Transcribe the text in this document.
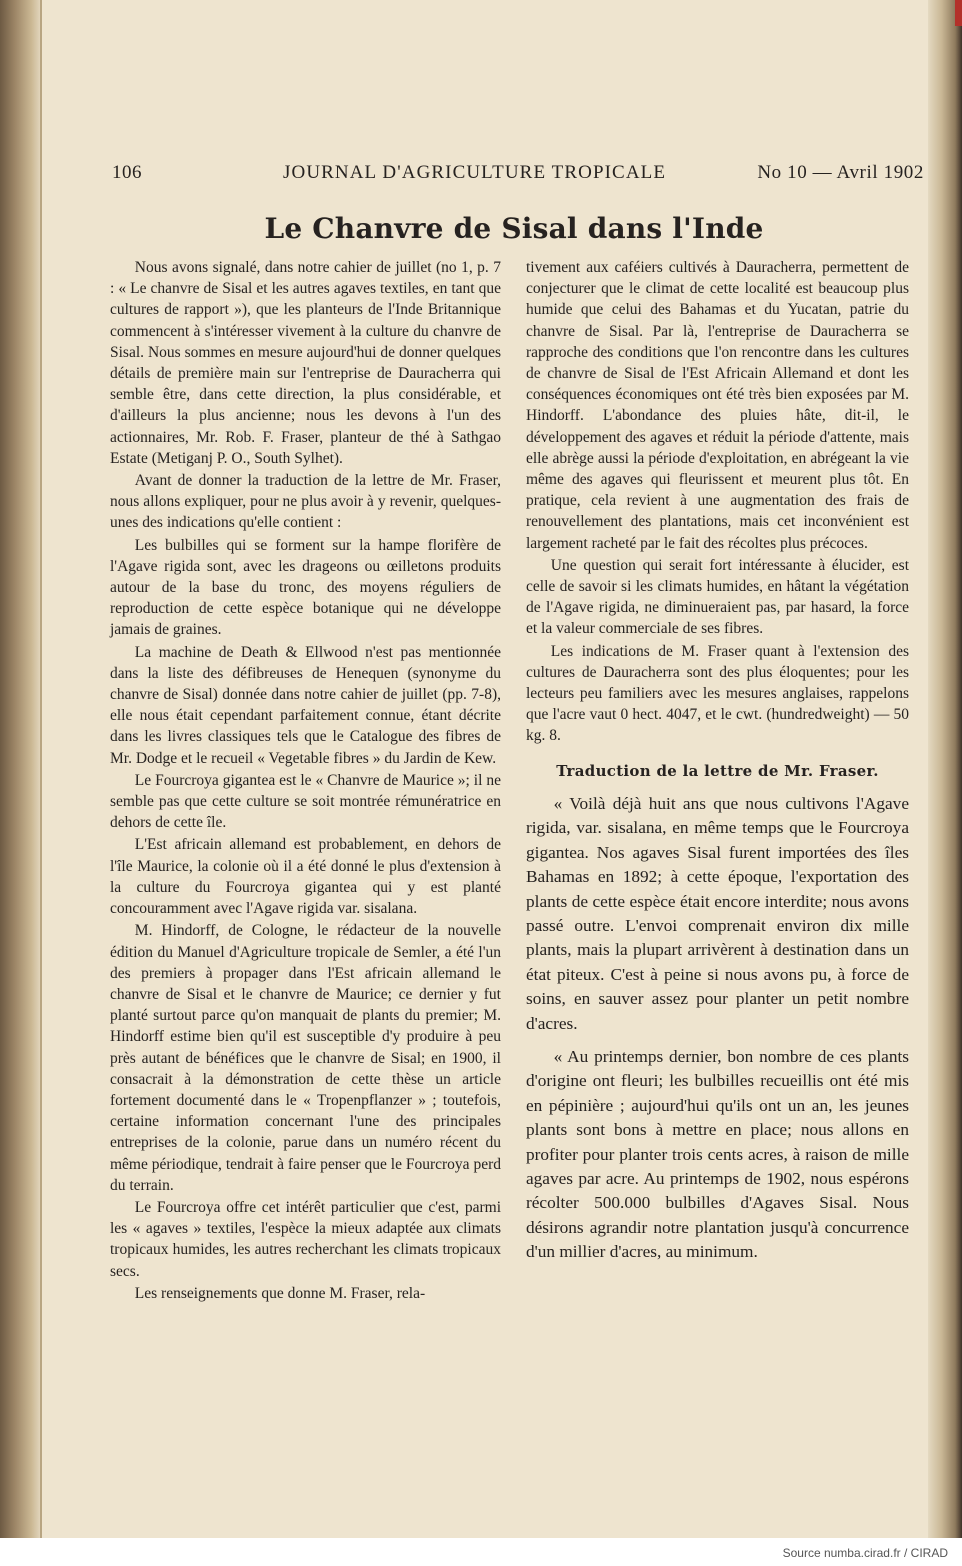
106	JOURNAL D'AGRICULTURE TROPICALE	No 10 — Avril 1902
Le Chanvre de Sisal dans l'Inde

Nous avons signalé, dans notre cahier de juillet (no 1, p. 7 : « Le chanvre de Sisal et les autres agaves textiles, en tant que cultures de rapport »), que les planteurs de l'Inde Britannique commencent à s'intéresser vivement à la culture du chanvre de Sisal. Nous sommes en mesure aujourd'hui de donner quelques détails de première main sur l'entreprise de Dauracherra qui semble être, dans cette direction, la plus considérable, et d'ailleurs la plus ancienne; nous les devons à l'un des actionnaires, Mr. Rob. F. Fraser, planteur de thé à Sathgao Estate (Metiganj P. O., South Sylhet).

Avant de donner la traduction de la lettre de Mr. Fraser, nous allons expliquer, pour ne plus avoir à y revenir, quelques-unes des indications qu'elle contient :

Les bulbilles qui se forment sur la hampe florifère de l'Agave rigida sont, avec les drageons ou œilletons produits autour de la base du tronc, des moyens réguliers de reproduction de cette espèce botanique qui ne développe jamais de graines.

La machine de Death & Ellwood n'est pas mentionnée dans la liste des défibreuses de Henequen (synonyme du chanvre de Sisal) donnée dans notre cahier de juillet (pp. 7-8), elle nous était cependant parfaitement connue, étant décrite dans les livres classiques tels que le Catalogue des fibres de Mr. Dodge et le recueil « Vegetable fibres » du Jardin de Kew.

Le Fourcroya gigantea est le « Chanvre de Maurice »; il ne semble pas que cette culture se soit montrée rémunératrice en dehors de cette île.

L'Est africain allemand est probablement, en dehors de l'île Maurice, la colonie où il a été donné le plus d'extension à la culture du Fourcroya gigantea qui y est planté concouramment avec l'Agave rigida var. sisalana.

M. Hindorff, de Cologne, le rédacteur de la nouvelle édition du Manuel d'Agriculture tropicale de Semler, a été l'un des premiers à propager dans l'Est africain allemand le chanvre de Sisal et le chanvre de Maurice; ce dernier y fut planté surtout parce qu'on manquait de plants du premier; M. Hindorff estime bien qu'il est susceptible d'y produire à peu près autant de bénéfices que le chanvre de Sisal; en 1900, il consacrait à la démonstration de cette thèse un article fortement documenté dans le « Tropenpflanzer » ; toutefois, certaine information concernant l'une des principales entreprises de la colonie, parue dans un numéro récent du même périodique, tendrait à faire penser que le Fourcroya perd du terrain.

Le Fourcroya offre cet intérêt particulier que c'est, parmi les « agaves » textiles, l'espèce la mieux adaptée aux climats tropicaux humides, les autres recherchant les climats tropicaux secs.

Les renseignements que donne M. Fraser, rela-

tivement aux caféiers cultivés à Dauracherra, permettent de conjecturer que le climat de cette localité est beaucoup plus humide que celui des Bahamas et du Yucatan, patrie du chanvre de Sisal. Par là, l'entreprise de Dauracherra se rapproche des conditions que l'on rencontre dans les cultures de chanvre de Sisal de l'Est Africain Allemand et dont les conséquences économiques ont été très bien exposées par M. Hindorff. L'abondance des pluies hâte, dit-il, le développement des agaves et réduit la période d'attente, mais elle abrège aussi la période d'exploitation, en abrégeant la vie même des agaves qui fleurissent et meurent plus tôt. En pratique, cela revient à une augmentation des frais de renouvellement des plantations, mais cet inconvénient est largement racheté par le fait des récoltes plus précoces.

Une question qui serait fort intéressante à élucider, est celle de savoir si les climats humides, en hâtant la végétation de l'Agave rigida, ne diminueraient pas, par hasard, la force et la valeur commerciale de ses fibres.

Les indications de M. Fraser quant à l'extension des cultures de Dauracherra sont des plus éloquentes; pour les lecteurs peu familiers avec les mesures anglaises, rappelons que l'acre vaut 0 hect. 4047, et le cwt. (hundredweight) — 50 kg. 8.

Traduction de la lettre de Mr. Fraser.

« Voilà déjà huit ans que nous cultivons l'Agave rigida, var. sisalana, en même temps que le Fourcroya gigantea. Nos agaves Sisal furent importées des îles Bahamas en 1892; à cette époque, l'exportation des plants de cette espèce était encore interdite; nous avons passé outre. L'envoi comprenait environ dix mille plants, mais la plupart arrivèrent à destination dans un état piteux. C'est à peine si nous avons pu, à force de soins, en sauver assez pour planter un petit nombre d'acres.

« Au printemps dernier, bon nombre de ces plants d'origine ont fleuri; les bulbilles recueillis ont été mis en pépinière ; aujourd'hui qu'ils ont un an, les jeunes plants sont bons à mettre en place; nous allons en profiter pour planter trois cents acres, à raison de mille agaves par acre. Au printemps de 1902, nous espérons récolter 500.000 bulbilles d'Agaves Sisal. Nous désirons agrandir notre plantation jusqu'à concurrence d'un millier d'acres, au minimum.

Source numba.cirad.fr / CIRAD
